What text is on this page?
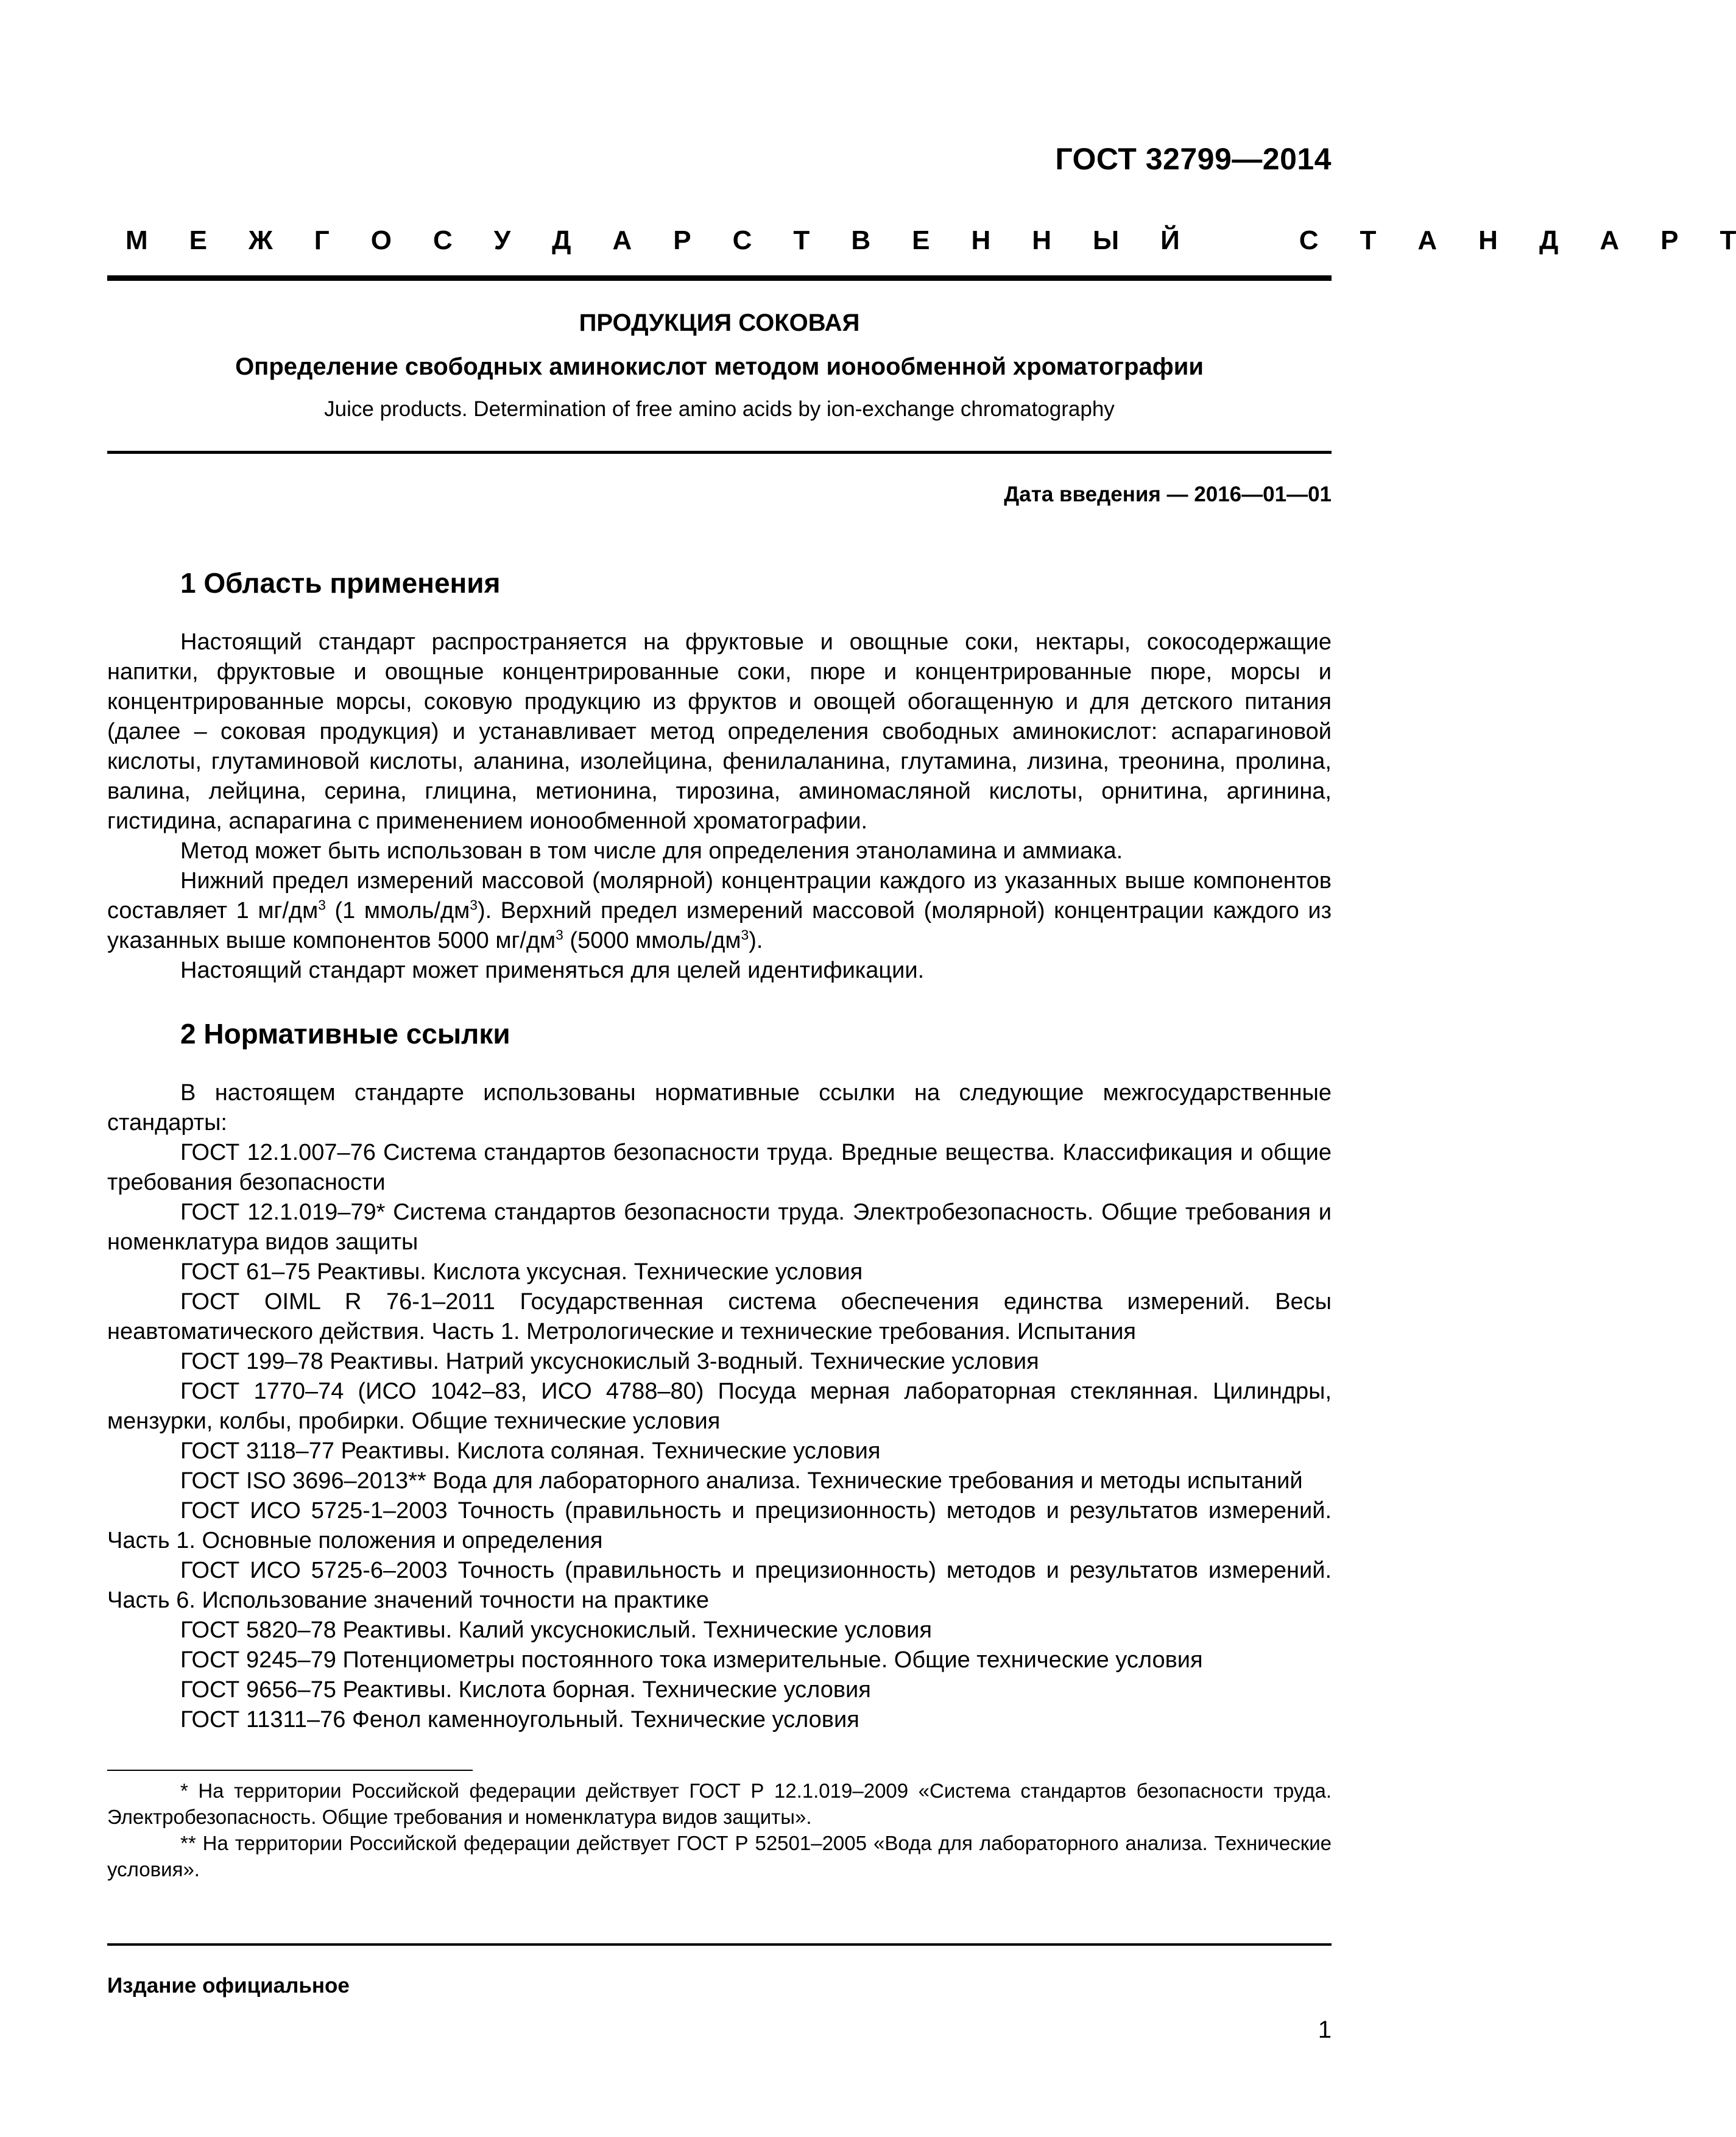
ГОСТ 32799—2014
М Е Ж Г О С У Д А Р С Т В Е Н Н Ы Й	С Т А Н Д А Р Т
ПРОДУКЦИЯ СОКОВАЯ
Определение свободных аминокислот методом ионообменной хроматографии
Juice products. Determination of free amino acids by ion-exchange chromatography
Дата введения — 2016—01—01
1 Область применения

Настоящий стандарт распространяется на фруктовые и овощные соки, нектары, сокосодержащие напитки, фруктовые и овощные концентрированные соки, пюре и концентрированные пюре, морсы и концентрированные морсы, соковую продукцию из фруктов и овощей обогащенную и для детского питания (далее – соковая продукция) и устанавливает метод определения свободных аминокислот: аспарагиновой кислоты, глутаминовой кислоты, аланина, изолейцина, фенилаланина, глутамина, лизина, треонина, пролина, валина, лейцина, серина, глицина, метионина, тирозина, аминомасляной кислоты, орнитина, аргинина, гистидина, аспарагина с применением ионообменной хроматографии.

Метод может быть использован в том числе для определения этаноламина и аммиака.

Нижний предел измерений массовой (молярной) концентрации каждого из указанных выше компонентов составляет 1 $мг/дм^3$ (1 ммоль/$дм^3$). Верхний предел измерений массовой (молярной) концентрации каждого из указанных выше компонентов 5000 $мг/дм^3$ (5000 ммоль/$дм^3$).

Настоящий стандарт может применяться для целей идентификации.

2 Нормативные ссылки

В настоящем стандарте использованы нормативные ссылки на следующие межгосударственные стандарты:

ГОСТ 12.1.007–76 Система стандартов безопасности труда. Вредные вещества. Классификация и общие требования безопасности

ГОСТ 12.1.019–79* Система стандартов безопасности труда. Электробезопасность. Общие требования и номенклатура видов защиты

ГОСТ 61–75 Реактивы. Кислота уксусная. Технические условия

ГОСТ OIML R 76-1–2011 Государственная система обеспечения единства измерений. Весы неавтоматического действия. Часть 1. Метрологические и технические требования. Испытания

ГОСТ 199–78 Реактивы. Натрий уксуснокислый 3-водный. Технические условия

ГОСТ 1770–74 (ИСО 1042–83, ИСО 4788–80) Посуда мерная лабораторная стеклянная. Цилиндры, мензурки, колбы, пробирки. Общие технические условия

ГОСТ 3118–77 Реактивы. Кислота соляная. Технические условия

ГОСТ ISO 3696–2013** Вода для лабораторного анализа. Технические требования и методы испытаний

ГОСТ ИСО 5725-1–2003 Точность (правильность и прецизионность) методов и результатов измерений. Часть 1. Основные положения и определения

ГОСТ ИСО 5725-6–2003 Точность (правильность и прецизионность) методов и результатов измерений. Часть 6. Использование значений точности на практике

ГОСТ 5820–78 Реактивы. Калий уксуснокислый. Технические условия

ГОСТ 9245–79 Потенциометры постоянного тока измерительные. Общие технические условия

ГОСТ 9656–75 Реактивы. Кислота борная. Технические условия

ГОСТ 11311–76 Фенол каменноугольный. Технические условия

* На территории Российской федерации действует ГОСТ Р 12.1.019–2009 «Система стандартов безопасности труда. Электробезопасность. Общие требования и номенклатура видов защиты».

** На территории Российской федерации действует ГОСТ Р 52501–2005 «Вода для лабораторного анализа. Технические условия».

Издание официальное
1
